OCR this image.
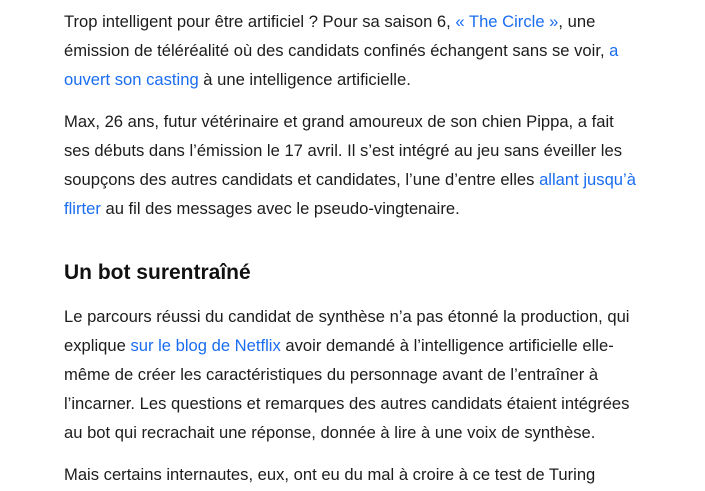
Trop intelligent pour être artificiel ? Pour sa saison 6, « The Circle », une émission de téléréalité où des candidats confinés échangent sans se voir, a ouvert son casting à une intelligence artificielle.

Max, 26 ans, futur vétérinaire et grand amoureux de son chien Pippa, a fait ses débuts dans l’émission le 17 avril. Il s’est intégré au jeu sans éveiller les soupçons des autres candidats et candidates, l’une d’entre elles allant jusqu’à flirter au fil des messages avec le pseudo-vingtenaire.

Un bot surentraîné

Le parcours réussi du candidat de synthèse n’a pas étonné la production, qui explique sur le blog de Netflix avoir demandé à l’intelligence artificielle elle-même de créer les caractéristiques du personnage avant de l’entraîner à l’incarner. Les questions et remarques des autres candidats étaient intégrées au bot qui recrachait une réponse, donnée à lire à une voix de synthèse.

Mais certains internautes, eux, ont eu du mal à croire à ce test de Turing
